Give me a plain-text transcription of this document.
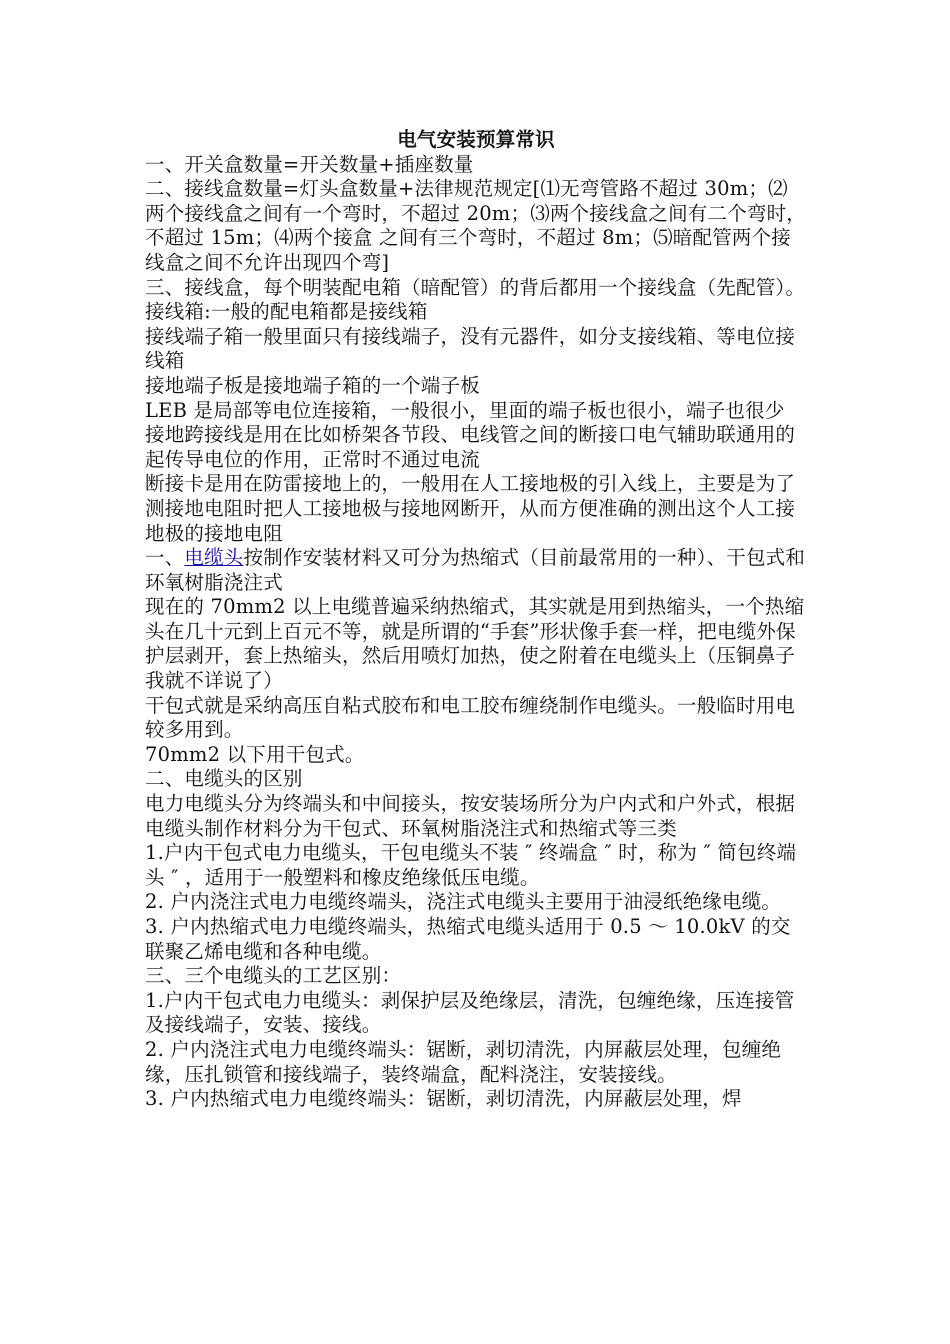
电气安装预算常识

一、开关盒数量=开关数量+插座数量

二、接线盒数量=灯头盒数量+法律规范规定[⑴无弯管路不超过 30m；⑵两个接线盒之间有一个弯时，不超过 20m；⑶两个接线盒之间有二个弯时，不超过 15m；⑷两个接盒 之间有三个弯时，不超过 8m；⑸暗配管两个接线盒之间不允许出现四个弯]

三、接线盒，每个明装配电箱（暗配管）的背后都用一个接线盒（先配管）。

接线箱:一般的配电箱都是接线箱

接线端子箱一般里面只有接线端子，没有元器件，如分支接线箱、等电位接线箱

接地端子板是接地端子箱的一个端子板

LEB 是局部等电位连接箱，一般很小，里面的端子板也很小，端子也很少

接地跨接线是用在比如桥架各节段、电线管之间的断接口电气辅助联通用的

起传导电位的作用，正常时不通过电流

断接卡是用在防雷接地上的，一般用在人工接地极的引入线上，主要是为了测接地电阻时把人工接地极与接地网断开，从而方便准确的测出这个人工接地极的接地电阻

一、电缆头按制作安装材料又可分为热缩式（目前最常用的一种）、干包式和环氧树脂浇注式

现在的 70mm2 以上电缆普遍采纳热缩式，其实就是用到热缩头，一个热缩头在几十元到上百元不等，就是所谓的“手套”形状像手套一样，把电缆外保护层剥开，套上热缩头，然后用喷灯加热，使之附着在电缆头上（压铜鼻子我就不详说了）

干包式就是采纳高压自粘式胶布和电工胶布缠绕制作电缆头。一般临时用电较多用到。

70mm2 以下用干包式。

二、电缆头的区别

电力电缆头分为终端头和中间接头，按安装场所分为户内式和户外式，根据电缆头制作材料分为干包式、环氧树脂浇注式和热缩式等三类

1.户内干包式电力电缆头，干包电缆头不装 ″ 终端盒 ″ 时，称为 ″ 简包终端头 ″ ，适用于一般塑料和橡皮绝缘低压电缆。

2. 户内浇注式电力电缆终端头，浇注式电缆头主要用于油浸纸绝缘电缆。

3. 户内热缩式电力电缆终端头，热缩式电缆头适用于 0.5 ～ 10.0kV 的交联聚乙烯电缆和各种电缆。

三、三个电缆头的工艺区别：

1.户内干包式电力电缆头：剥保护层及绝缘层，清洗，包缠绝缘，压连接管及接线端子，安装、接线。

2. 户内浇注式电力电缆终端头：锯断，剥切清洗，内屏蔽层处理，包缠绝缘，压扎锁管和接线端子，装终端盒，配料浇注，安装接线。

3. 户内热缩式电力电缆终端头：锯断，剥切清洗，内屏蔽层处理，焊
